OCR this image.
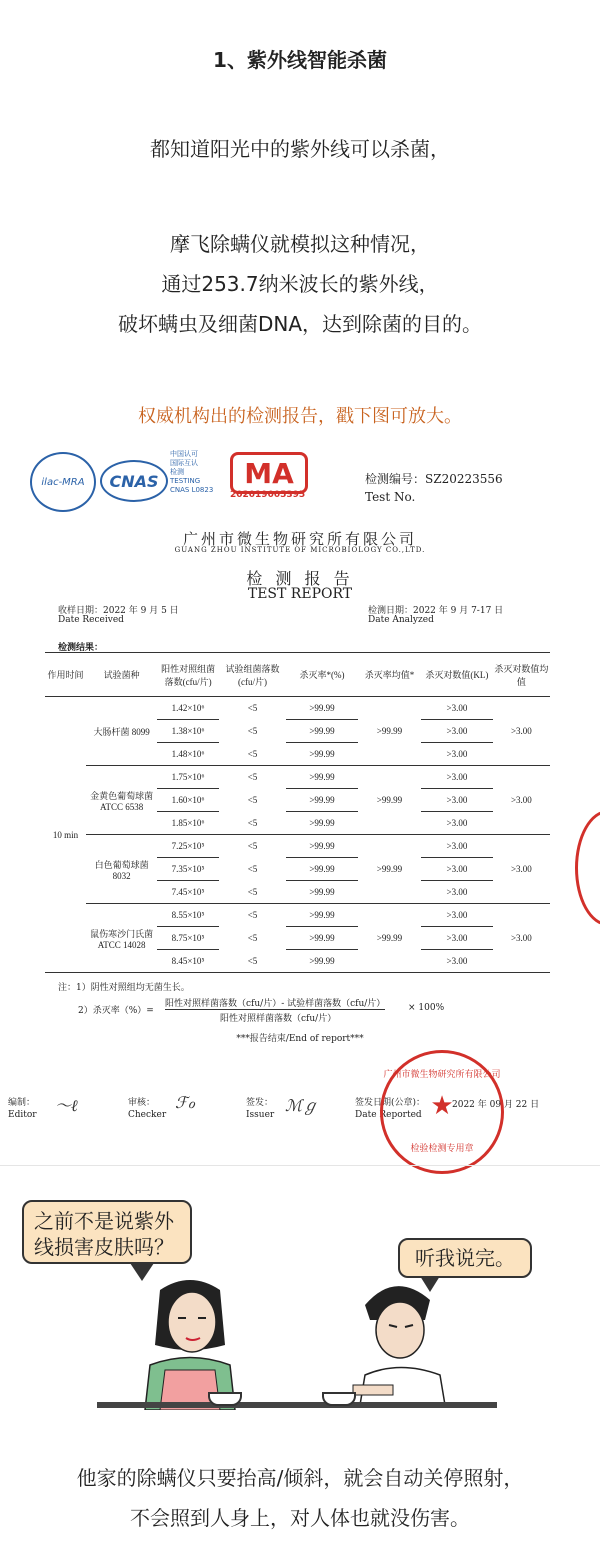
1、紫外线智能杀菌
都知道阳光中的紫外线可以杀菌，
摩飞除螨仪就模拟这种情况，
通过253.7纳米波长的紫外线，
破坏螨虫及细菌DNA，达到除菌的目的。
权威机构出的检测报告，戳下图可放大。
ilac-MRA CNAS
中国认可
国际互认
检测
TESTING
CNAS L0823
MA
202019005395
检测编号：SZ20223556
Test No.
广州市微生物研究所有限公司
GUANG ZHOU INSTITUTE OF MICROBIOLOGY CO.,LTD.
检 测 报 告
TEST REPORT
收样日期：2022 年 9 月 5 日
Date Received
检测日期：2022 年 9 月 7-17 日
Date Analyzed
检测结果：
作用时间	试验菌种	阳性对照组菌落数(cfu/片)	试验组菌落数(cfu/片)	杀灭率*(%)	杀灭率均值*	杀灭对数值(KL)	杀灭对数值均值
10 min	大肠杆菌 8099	1.42×10⁶	<5	>99.99	>99.99	>3.00	>3.00
		1.38×10⁶	<5	>99.99		>3.00	
		1.48×10⁶	<5	>99.99		>3.00	
	金黄色葡萄球菌 ATCC 6538	1.75×10⁶	<5	>99.99	>99.99	>3.00	>3.00
		1.60×10⁶	<5	>99.99		>3.00	
		1.85×10⁶	<5	>99.99		>3.00	
	白色葡萄球菌 8032	7.25×10⁵	<5	>99.99	>99.99	>3.00	>3.00
		7.35×10⁵	<5	>99.99		>3.00	
		7.45×10⁵	<5	>99.99		>3.00	
	鼠伤寒沙门氏菌 ATCC 14028	8.55×10⁵	<5	>99.99	>99.99	>3.00	>3.00
		8.75×10⁵	<5	>99.99		>3.00	
		8.45×10⁵	<5	>99.99		>3.00	
注：1）阴性对照组均无菌生长。
2）杀灭率（%）=
阳性对照样菌落数（cfu/片）- 试验样菌落数（cfu/片）
阳性对照样菌落数（cfu/片）
× 100%
***报告结束/End of report***
编制：
Editor 〜ℓ	审核：
Checker
ℱℴ	签发：
Issuer ℳℊ	签发日期(公章)：
Date Reported
2022 年 09 月 22 日
广州市微生物研究所有限公司
★
检验检测专用章
之前不是说紫外
线损害皮肤吗？	听我说完。
他家的除螨仪只要抬高/倾斜，就会自动关停照射，
不会照到人身上，对人体也就没伤害。
